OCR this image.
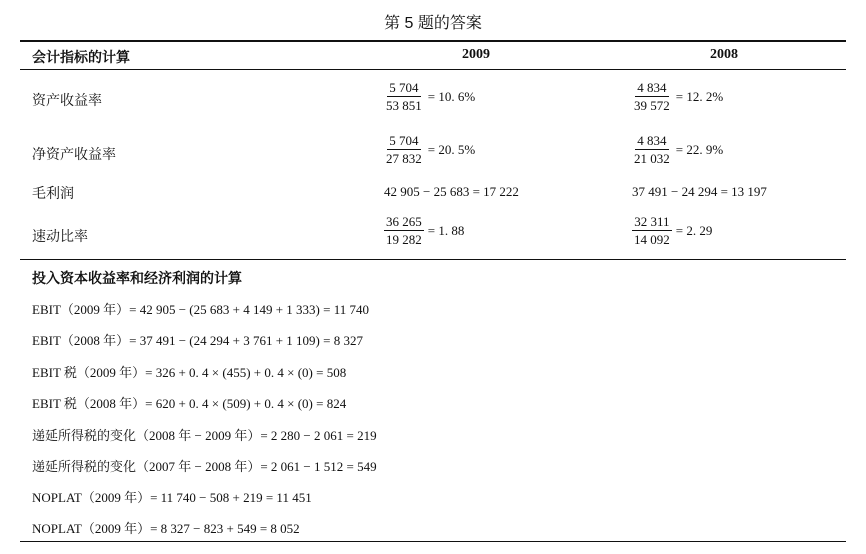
第 5 题的答案
会计指标的计算	2009	2008
资产收益率	$\frac{5 704}{53 851} = 10$. 6%	$\frac{4 834}{39 572} = 12$. 2%
净资产收益率	$\frac{5 704}{27 832} = 20$. 5%	$\frac{4 834}{21 032} = 22$. 9%
毛利润	42 905 − 25 683 = 17 222	37 491 − 24 294 = 13 197
速动比率	$\frac{36 265}{19 282} = 1$. 88	$\frac{32 311}{14 092} = 2$. 29
投入资本收益率和经济利润的计算
EBIT（2009 年）= 42 905 − (25 683 + 4 149 + 1 333) = 11 740
EBIT（2008 年）= 37 491 − (24 294 + 3 761 + 1 109) = 8 327
EBIT 税（2009 年）= 326 + 0. 4 × (455) + 0. 4 × (0) = 508
EBIT 税（2008 年）= 620 + 0. 4 × (509) + 0. 4 × (0) = 824
递延所得税的变化（2008 年 − 2009 年）= 2 280 − 2 061 = 219
递延所得税的变化（2007 年 − 2008 年）= 2 061 − 1 512 = 549
NOPLAT（2009 年）= 11 740 − 508 + 219 = 11 451
NOPLAT（2009 年）= 8 327 − 823 + 549 = 8 052
